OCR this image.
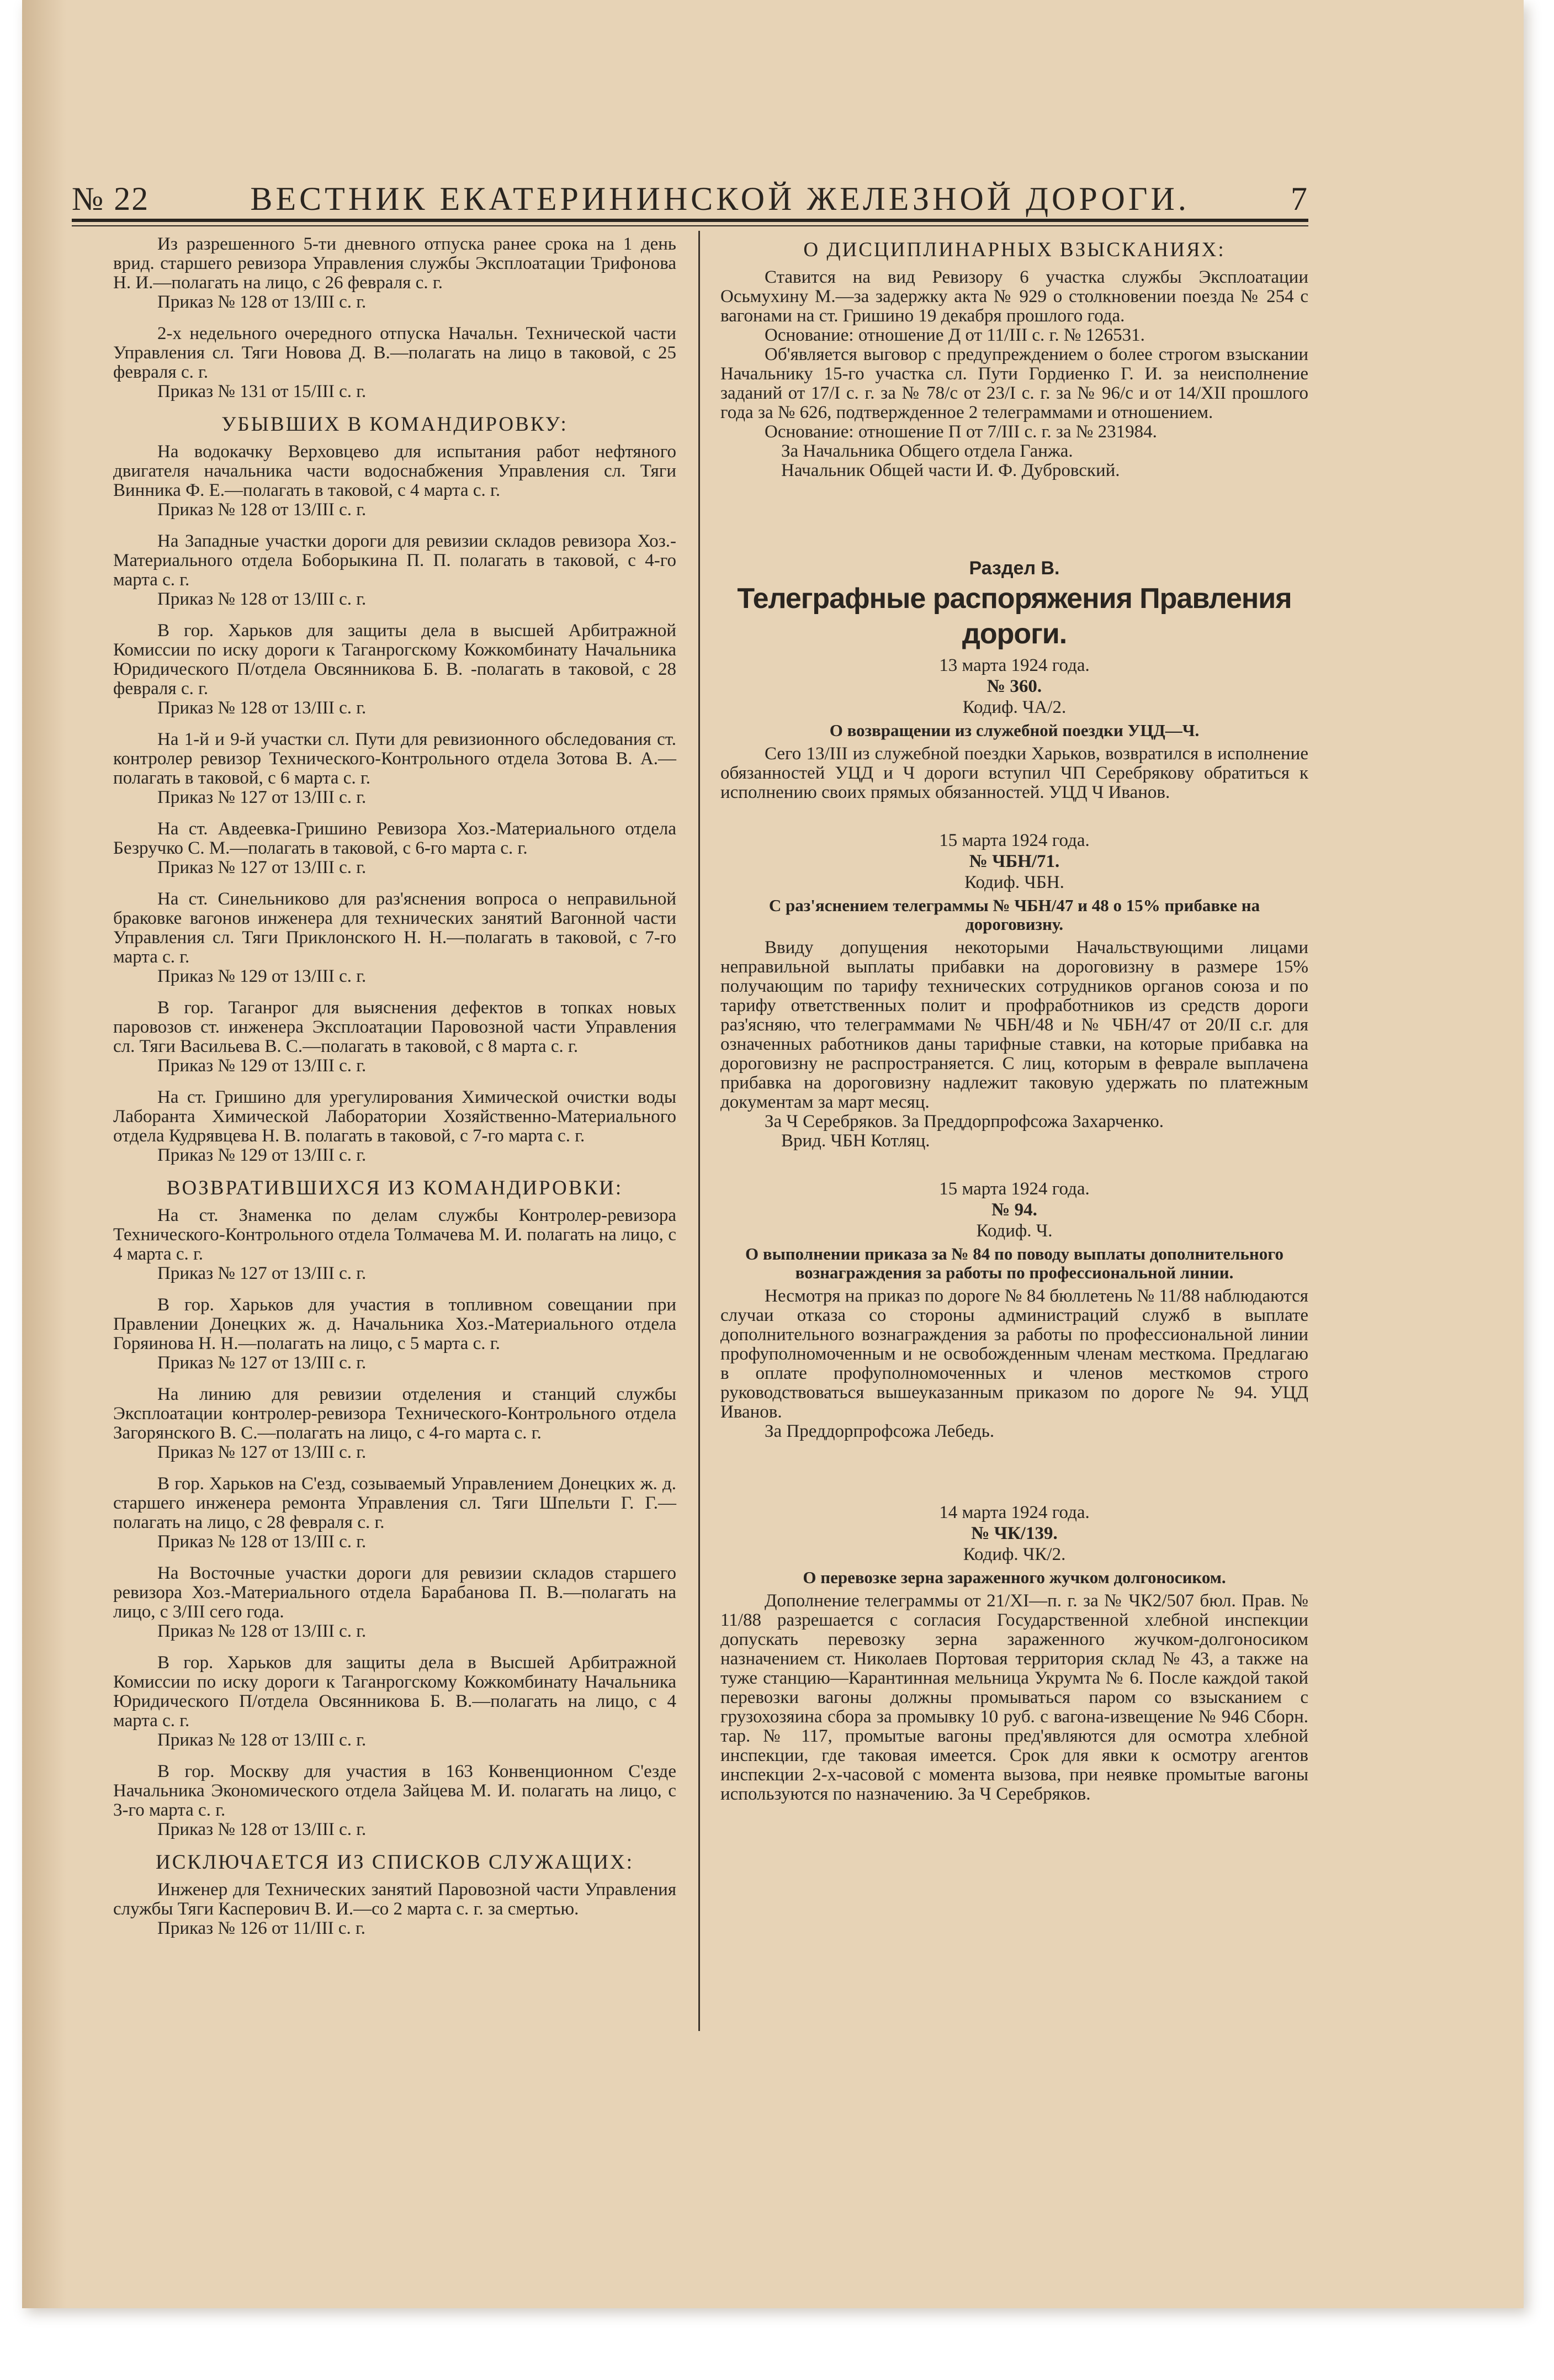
№ 22	ВЕСТНИК ЕКАТЕРИНИНСКОЙ ЖЕЛЕЗНОЙ ДОРОГИ.	7

Из разрешенного 5-ти дневного отпуска ранее срока на 1 день врид. старшего ревизора Управления службы Эксплоатации Трифонова Н. И.—полагать на лицо, с 26 февраля с. г.

Приказ № 128 от 13/III с. г.

2-х недельного очередного отпуска Начальн. Технической части Управления сл. Тяги Новова Д. В.—полагать на лицо в таковой, с 25 февраля с. г.

Приказ № 131 от 15/III с. г.

УБЫВШИХ В КОМАНДИРОВКУ:

На водокачку Верховцево для испытания работ нефтяного двигателя начальника части водоснабжения Управления сл. Тяги Винника Ф. Е.—полагать в таковой, с 4 марта с. г.

Приказ № 128 от 13/III с. г.

На Западные участки дороги для ревизии складов ревизора Хоз.-Материального отдела Боборыкина П. П. полагать в таковой, с 4-го марта с. г.

Приказ № 128 от 13/III с. г.

В гор. Харьков для защиты дела в высшей Арбитражной Комиссии по иску дороги к Таганрогскому Кожкомбинату Начальника Юридического П/отдела Овсянникова Б. В. -полагать в таковой, с 28 февраля с. г.

Приказ № 128 от 13/III с. г.

На 1-й и 9-й участки сл. Пути для ревизионного обследования ст. контролер ревизор Технического-Контрольного отдела Зотова В. А.—полагать в таковой, с 6 марта с. г.

Приказ № 127 от 13/III с. г.

На ст. Авдеевка-Гришино Ревизора Хоз.-Материального отдела Безручко С. М.—полагать в таковой, с 6-го марта с. г.

Приказ № 127 от 13/III с. г.

На ст. Синельниково для раз'яснения вопроса о неправильной браковке вагонов инженера для технических занятий Вагонной части Управления сл. Тяги Приклонского Н. Н.—полагать в таковой, с 7-го марта с. г.

Приказ № 129 от 13/III с. г.

В гор. Таганрог для выяснения дефектов в топках новых паровозов ст. инженера Эксплоатации Паровозной части Управления сл. Тяги Васильева В. С.—полагать в таковой, с 8 марта с. г.

Приказ № 129 от 13/III с. г.

На ст. Гришино для урегулирования Химической очистки воды Лаборанта Химической Лаборатории Хозяйственно-Материального отдела Кудрявцева Н. В. полагать в таковой, с 7-го марта с. г.

Приказ № 129 от 13/III с. г.

ВОЗВРАТИВШИХСЯ ИЗ КОМАНДИРОВКИ:

На ст. Знаменка по делам службы Контролер-ревизора Технического-Контрольного отдела Толмачева М. И. полагать на лицо, с 4 марта с. г.

Приказ № 127 от 13/III с. г.

В гор. Харьков для участия в топливном совещании при Правлении Донецких ж. д. Начальника Хоз.-Материального отдела Горяинова Н. Н.—полагать на лицо, с 5 марта с. г.

Приказ № 127 от 13/III с. г.

На линию для ревизии отделения и станций службы Эксплоатации контролер-ревизора Технического-Контрольного отдела Загорянского В. С.—полагать на лицо, с 4-го марта с. г.

Приказ № 127 от 13/III с. г.

В гор. Харьков на С'езд, созываемый Управлением Донецких ж. д. старшего инженера ремонта Управления сл. Тяги Шпельти Г. Г.—полагать на лицо, с 28 февраля с. г.

Приказ № 128 от 13/III с. г.

На Восточные участки дороги для ревизии складов старшего ревизора Хоз.-Материального отдела Барабанова П. В.—полагать на лицо, с 3/III сего года.

Приказ № 128 от 13/III с. г.

В гор. Харьков для защиты дела в Высшей Арбитражной Комиссии по иску дороги к Таганрогскому Кожкомбинату Начальника Юридического П/отдела Овсянникова Б. В.—полагать на лицо, с 4 марта с. г.

Приказ № 128 от 13/III с. г.

В гор. Москву для участия в 163 Конвенционном С'езде Начальника Экономического отдела Зайцева М. И. полагать на лицо, с 3-го марта с. г.

Приказ № 128 от 13/III с. г.

ИСКЛЮЧАЕТСЯ ИЗ СПИСКОВ СЛУЖАЩИХ:

Инженер для Технических занятий Паровозной части Управления службы Тяги Касперович В. И.—со 2 марта с. г. за смертью.

Приказ № 126 от 11/III с. г.

О ДИСЦИПЛИНАРНЫХ ВЗЫСКАНИЯХ:

Ставится на вид Ревизору 6 участка службы Эксплоатации Осьмухину М.—за задержку акта № 929 о столкновении поезда № 254 с вагонами на ст. Гришино 19 декабря прошлого года.

Основание: отношение Д от 11/III с. г. № 126531.

Об'является выговор с предупреждением о более строгом взыскании Начальнику 15-го участка сл. Пути Гордиенко Г. И. за неисполнение заданий от 17/I с. г. за № 78/с от 23/I с. г. за № 96/с и от 14/XII прошлого года за № 626, подтвержденное 2 телеграммами и отношением.

Основание: отношение П от 7/III с. г. за № 231984.

За Начальника Общего отдела Ганжа.

Начальник Общей части И. Ф. Дубровский.

Раздел В.
Телеграфные распоряжения Правления дороги.
13 марта 1924 года.
№ 360.
Кодиф. ЧА/2.
О возвращении из служебной поездки УЦД—Ч.

Сего 13/III из служебной поездки Харьков, возвратился в исполнение обязанностей УЦД и Ч дороги вступил ЧП Серебрякову обратиться к исполнению своих прямых обязанностей. УЦД Ч Иванов.

15 марта 1924 года.
№ ЧБН/71.
Кодиф. ЧБН.
С раз'яснением телеграммы № ЧБН/47 и 48 о 15% прибавке на дороговизну.

Ввиду допущения некоторыми Начальствующими лицами неправильной выплаты прибавки на дороговизну в размере 15% получающим по тарифу технических сотрудников органов союза и по тарифу ответственных полит и профработников из средств дороги раз'ясняю, что телеграммами № ЧБН/48 и № ЧБН/47 от 20/II с.г. для означенных работников даны тарифные ставки, на которые прибавка на дороговизну не распространяется. С лиц, которым в феврале выплачена прибавка на дороговизну надлежит таковую удержать по платежным документам за март месяц.

За Ч Серебряков. За Преддорпрофсожа Захарченко.

Врид. ЧБН Котляц.

15 марта 1924 года.
№ 94.
Кодиф. Ч.
О выполнении приказа за № 84 по поводу выплаты дополнительного вознаграждения за работы по профессиональной линии.

Несмотря на приказ по дороге № 84 бюллетень № 11/88 наблюдаются случаи отказа со стороны администраций служб в выплате дополнительного вознаграждения за работы по профессиональной линии профуполномоченным и не освобожденным членам месткома. Предлагаю в оплате профуполномоченных и членов месткомов строго руководствоваться вышеуказанным приказом по дороге № 94. УЦД Иванов.

За Преддорпрофсожа Лебедь.

14 марта 1924 года.
№ ЧК/139.
Кодиф. ЧК/2.
О перевозке зерна зараженного жучком долгоносиком.

Дополнение телеграммы от 21/XI—п. г. за № ЧК2/507 бюл. Прав. № 11/88 разрешается с согласия Государственной хлебной инспекции допускать перевозку зерна зараженного жучком-долгоносиком назначением ст. Николаев Портовая территория склад № 43, а также на туже станцию—Карантинная мельница Укрумта № 6. После каждой такой перевозки вагоны должны промываться паром со взысканием с грузохозяина сбора за промывку 10 руб. с вагона-извещение № 946 Сборн. тар. № 117, промытые вагоны пред'являются для осмотра хлебной инспекции, где таковая имеется. Срок для явки к осмотру агентов инспекции 2-х-часовой с момента вызова, при неявке промытые вагоны используются по назначению. За Ч Серебряков.
